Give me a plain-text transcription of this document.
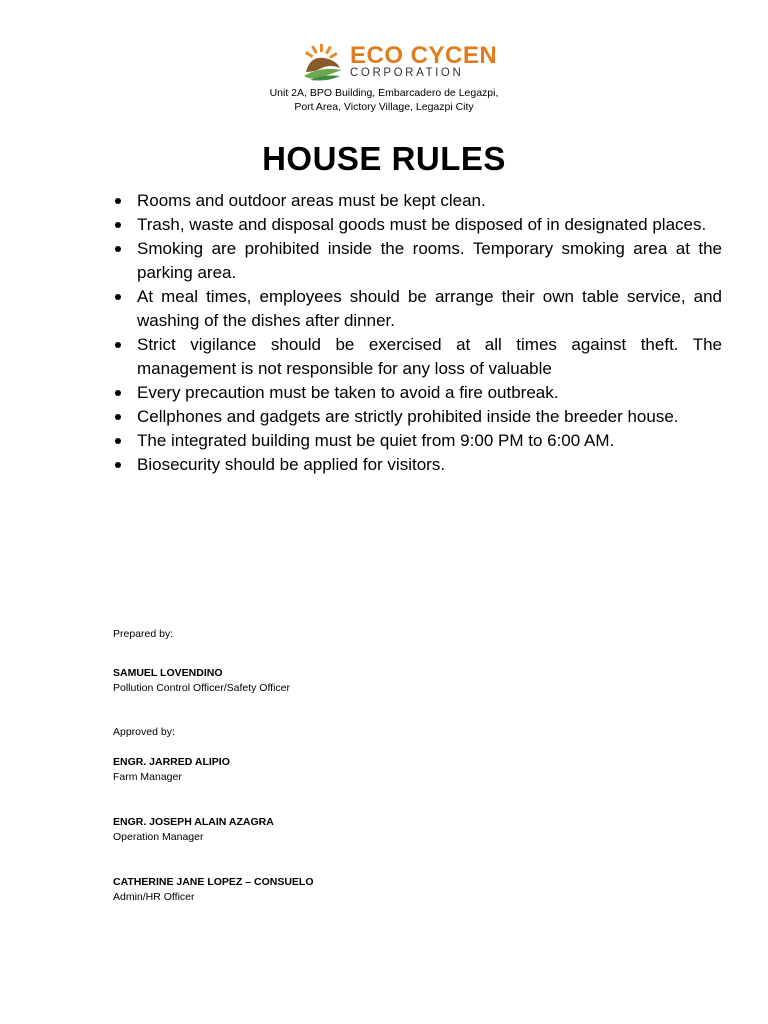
ECO CYCEN
CORPORATION
Unit 2A, BPO Building, Embarcadero de Legazpi,
Port Area, Victory Village, Legazpi City
HOUSE RULES
Rooms and outdoor areas must be kept clean.
Trash, waste and disposal goods must be disposed of in designated places.
Smoking are prohibited inside the rooms. Temporary smoking area at the parking area.
At meal times, employees should be arrange their own table service, and washing of the dishes after dinner.
Strict vigilance should be exercised at all times against theft. The management is not responsible for any loss of valuable
Every precaution must be taken to avoid a fire outbreak.
Cellphones and gadgets are strictly prohibited inside the breeder house.
The integrated building must be quiet from 9:00 PM to 6:00 AM.
Biosecurity should be applied for visitors.
Prepared by:
SAMUEL LOVENDINO
Pollution Control Officer/Safety Officer
Approved by:
ENGR. JARRED ALIPIO
Farm Manager
ENGR. JOSEPH ALAIN AZAGRA
Operation Manager
CATHERINE JANE LOPEZ – CONSUELO
Admin/HR Officer
